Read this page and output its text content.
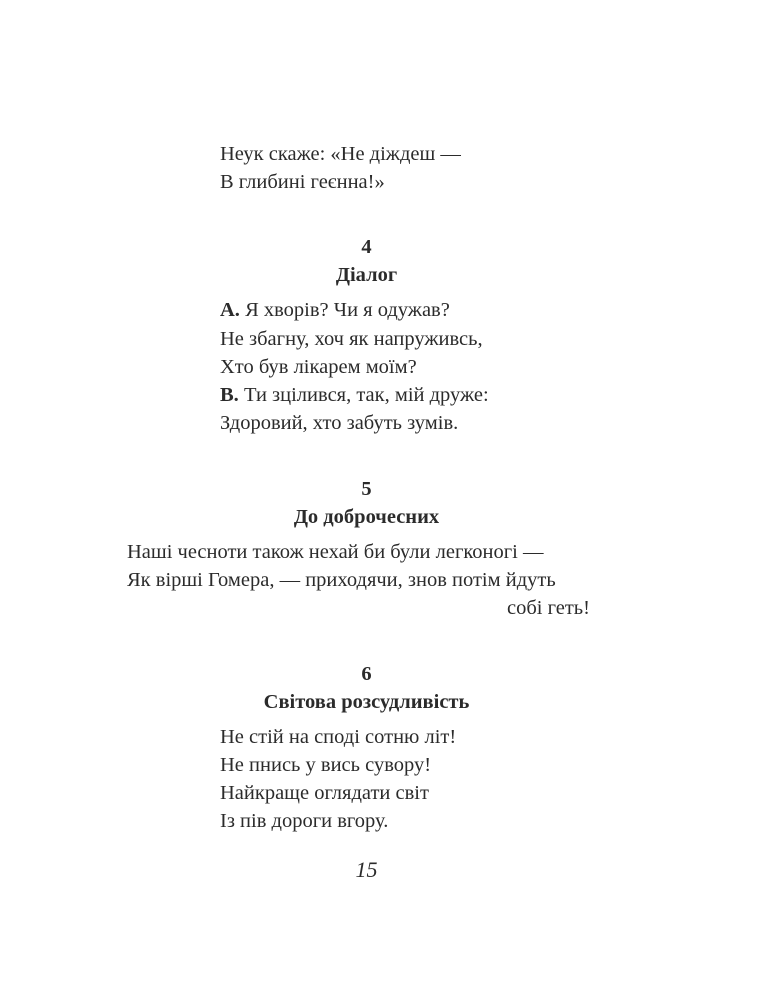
Неук скаже: «Не діждеш —
В глибині геєнна!»
4
Діалог
A. Я хворів? Чи я одужав?
Не збагну, хоч як напруживсь,
Хто був лікарем моїм?
B. Ти зцілився, так, мій друже:
Здоровий, хто забуть зумів.
5
До доброчесних
Наші чесноти також нехай би були легконогі —
Як вірші Гомера, — приходячи, знов потім йдуть
собі геть!
6
Світова розсудливість
Не стій на споді сотню літ!
Не пнись у вись сувору!
Найкраще оглядати світ
Із пів дороги вгору.
15
